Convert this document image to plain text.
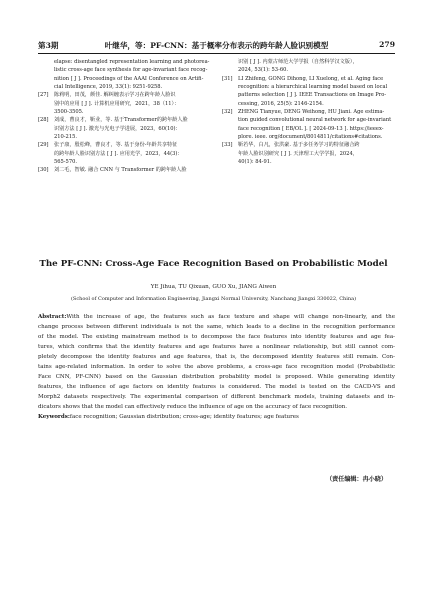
第3期	叶继华，等：PF-CNN：基于概率分布表示的跨年龄人脸识别模型	279
elapse: disentangled representation learning and photorea-
listic cross-age face synthesis for age-invariant face recog-
nition [ J ]. Proceedings of the AAAI Conference on Artifi-
cial Intelligence, 2019, 33(1): 9251-9258.
[27] 陈莉明，田茂，颜佳. 解纠缠表示学习在跨年龄人脸识
别中的应用 [ J ]. 计算机应用研究，2021，38（11）：
3500-3505.
[28] 刘成，曹良才，靳业，等. 基于Transformer的跨年龄人脸
识别方法 [ J ]. 激光与光电子学进展，2023，60(10)：
210-215.
[29] 张子康，殷松峰，曹良才，等. 基于身份-年龄共享特征
的跨年龄人脸识别方法 [ J ]. 应用光学，2023，44(3)：
565-570.
[30] 刘二毛，智敏. 融合 CNN 与 Transformer 的跨年龄人脸
识别 [ J ]. 内蒙古师范大学学报（自然科学汉文版），
2024, 53(1): 53-60.
[31] LI Zhifeng, GONG Dihong, LI Xuelong, et al. Aging face
recognition: a hierarchical learning model based on local
patterns selection [ J ]. IEEE Transactions on Image Pro-
cessing, 2016, 25(5): 2146-2154.
[32] ZHENG Tianyue, DENG Weihong, HU Jiani. Age estima-
tion guided convolutional neural network for age-invariant
face recognition [ EB/OL ]. [ 2024-09-13 ]. https://ieeex-
plore. ieee. org/document/8014811/citations#citations.
[33] 靳若华，白凡，张洪豪. 基于多任务学习的特征融合跨
年龄人脸识别研究 [ J ]. 天津理工大学学报，2024，
40(1): 84-91.
The PF-CNN: Cross-Age Face Recognition Based on Probabilistic Model
YE Jihua, TU Qixuan, GUO Xu, JIANG Aiwen
(School of Computer and Information Engineering, Jiangxi Normal University, Nanchang Jiangxi 330022, China)
Abstract:With the increase of age, the features such as face texture and shape will change non-linearly, and the
change process between different individuals is not the same, which leads to a decline in the recognition performance
of the model. The existing mainstream method is to decompose the face features into identity features and age fea-
tures, which confirms that the identity features and age features have a nonlinear relationship, but still cannot com-
pletely decompose the identity features and age features, that is, the decomposed identity features still remain. Con-
tains age-related information. In order to solve the above problems, a cross-age face recognition model (Probabilistic
Face CNN, PF-CNN) based on the Gaussian distribution probability model is proposed. While generating identity
features, the influence of age factors on identity features is considered. The model is tested on the CACD-VS and
Morph2 datasets respectively. The experimental comparison of different benchmark models, training datasets and in-
dicators shows that the model can effectively reduce the influence of age on the accuracy of face recognition.
Keywords:face recognition; Gaussian distribution; cross-age; identity features; age features
（责任编辑：冉小晓）
